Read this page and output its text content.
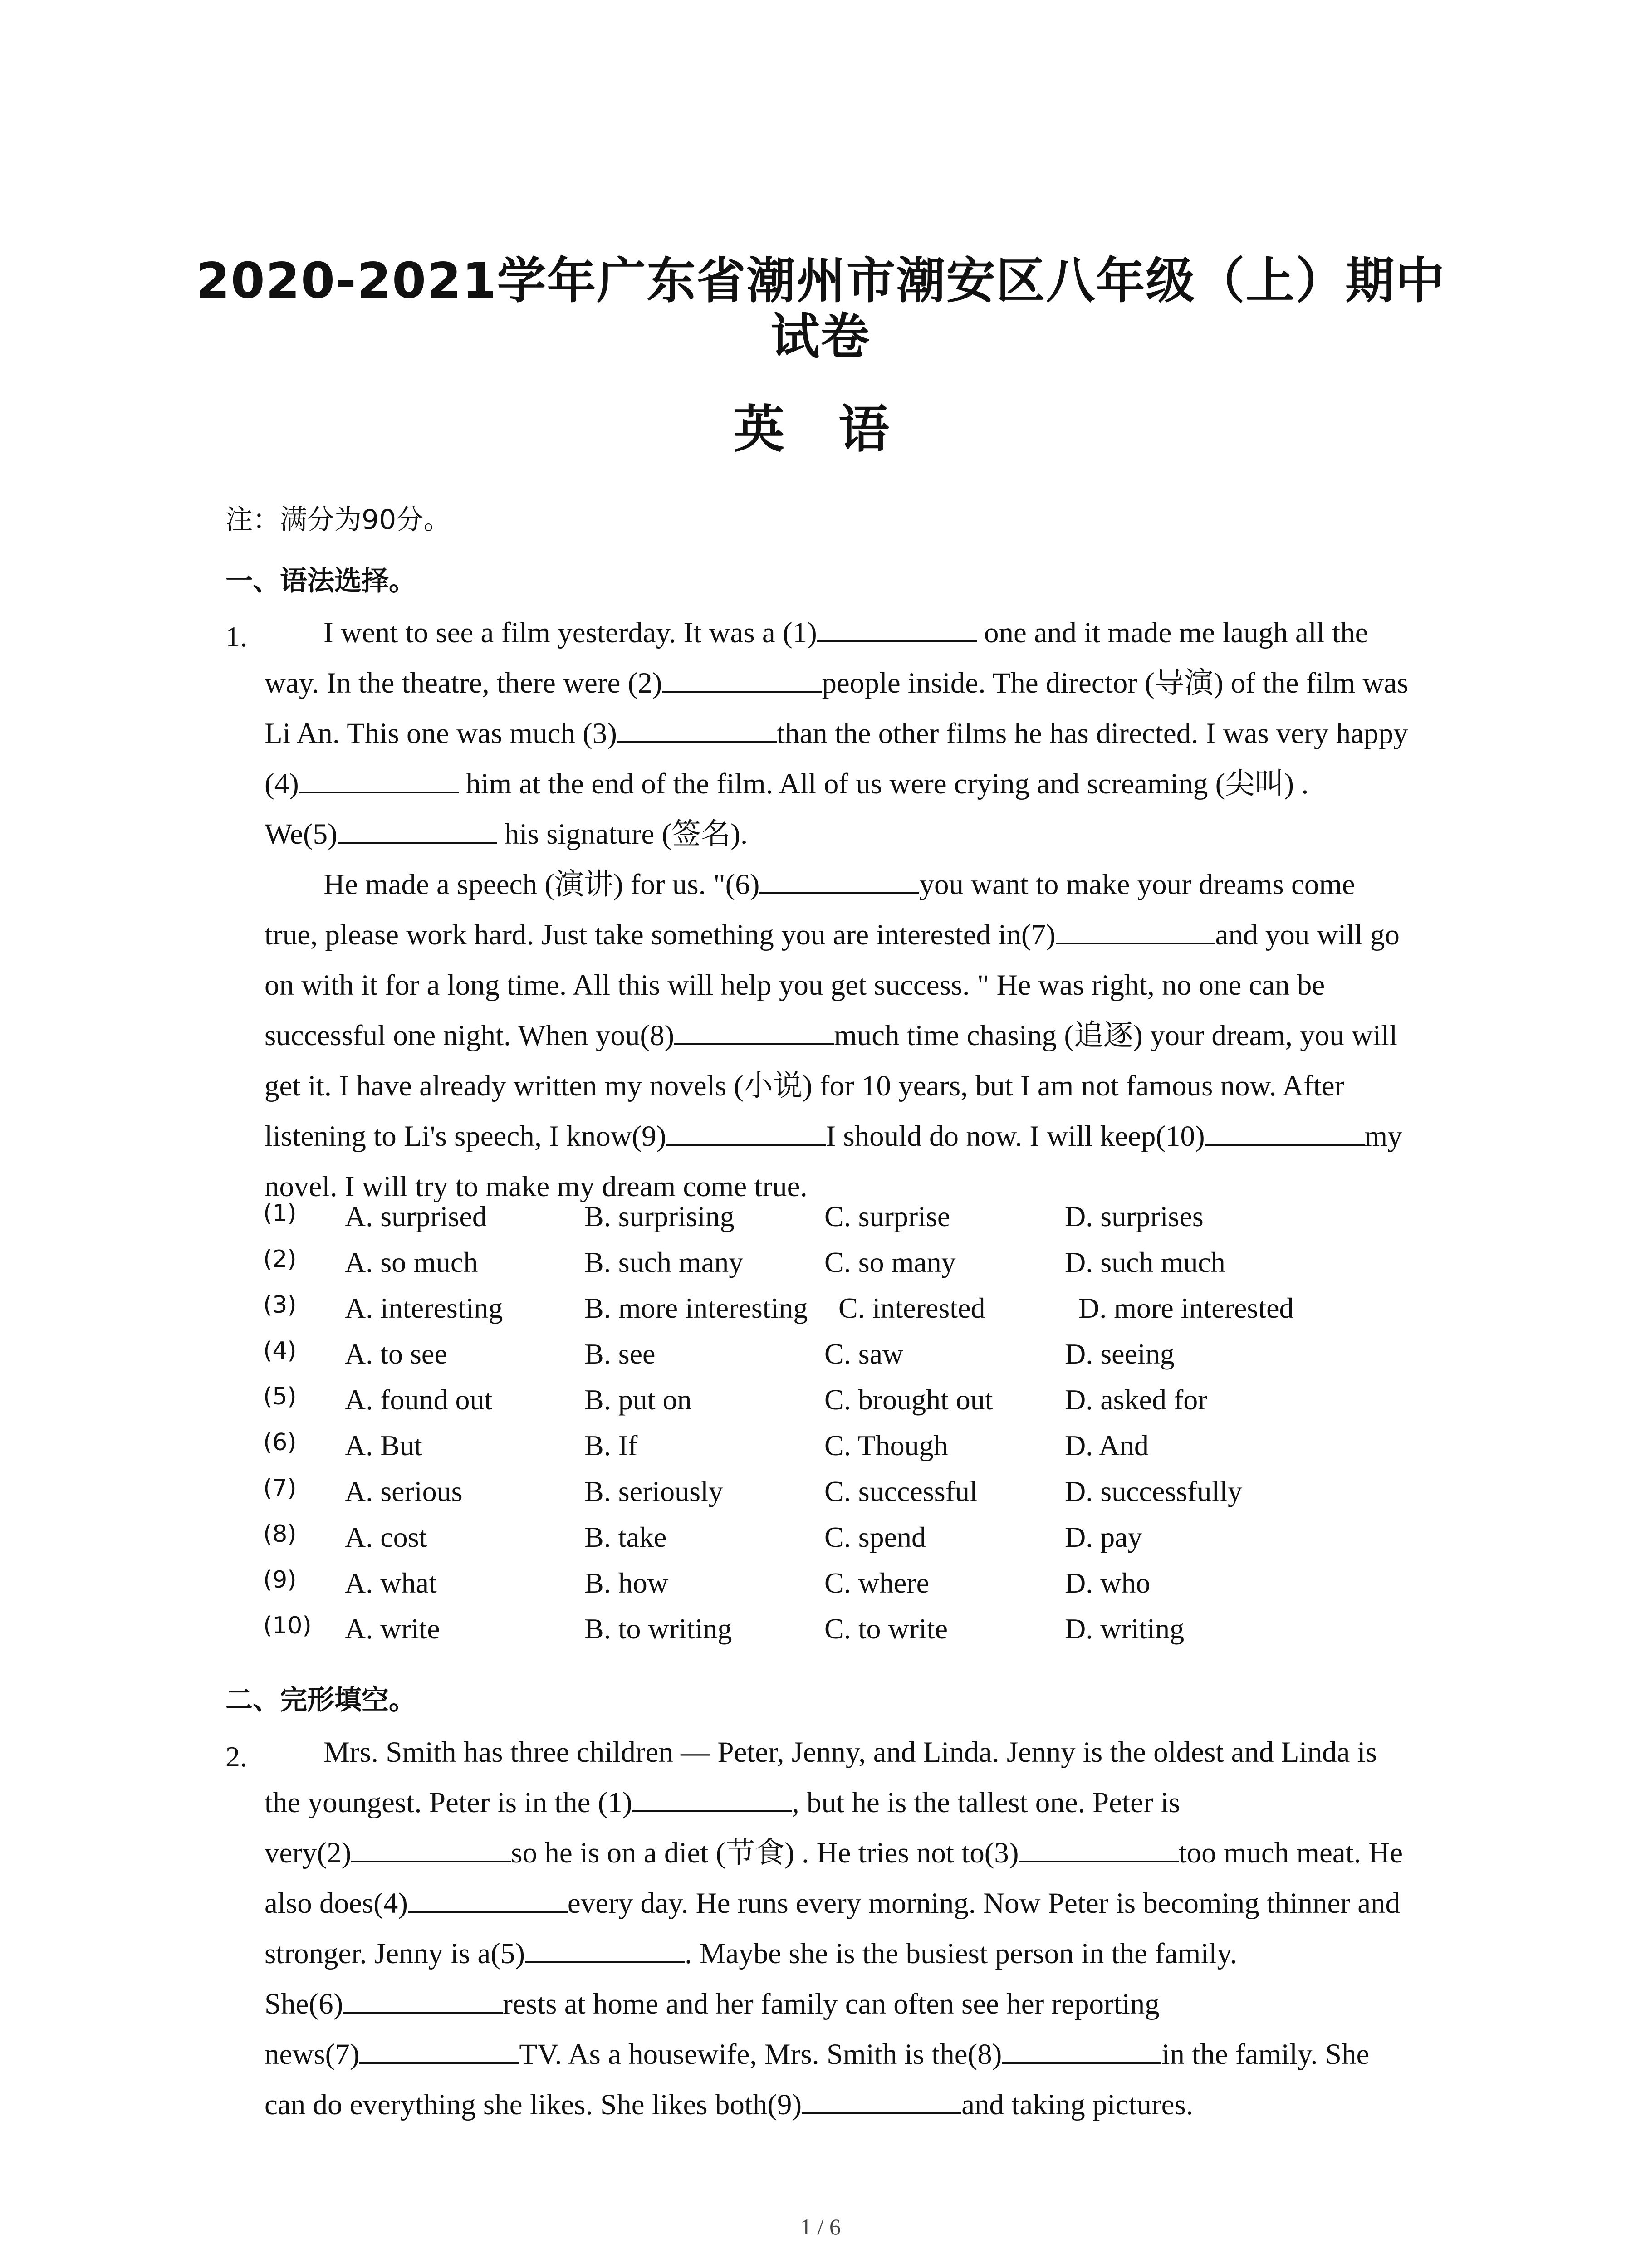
2020-2021学年广东省潮州市潮安区八年级（上）期中
试卷
英 语
注：满分为90分。
一、语法选择。
1.	I went to see a film yesterday. It was a (1)	one and it made me laugh all the

way. In the theatre, there were (2)	people inside. The director (导演) of the film was

Li An. This one was much (3)	than the other films he has directed. I was very happy

(4)	him at the end of the film. All of us were crying and screaming (尖叫) .

We(5)	his signature (签名).

He made a speech (演讲) for us. "(6)	you want to make your dreams come

true, please work hard. Just take something you are interested in(7)	and you will go

on with it for a long time. All this will help you get success. " He was right, no one can be

successful one night. When you(8)	much time chasing (追逐) your dream, you will

get it. I have already written my novels (小说) for 10 years, but I am not famous now. After

listening to Li's speech, I know(9)	I should do now. I will keep(10)	my

novel. I will try to make my dream come true.

(1) A. surprised	B. surprising	C. surprise	D. surprises
(2) A. so much	B. such many	C. so many	D. such much
(3) A. interesting	B. more interesting C. interested	D. more interested
(4) A. to see	B. see	C. saw	D. seeing
(5) A. found out	B. put on	C. brought out D. asked for
(6) A. But	B. If	C. Though	D. And
(7) A. serious	B. seriously	C. successful	D. successfully
(8) A. cost	B. take	C. spend	D. pay
(9) A. what	B. how	C. where	D. who
(10) A. write	B. to writing	C. to write	D. writing
二、完形填空。
2.	Mrs. Smith has three children — Peter, Jenny, and Linda. Jenny is the oldest and Linda is

the youngest. Peter is in the (1)	, but he is the tallest one. Peter is

very(2)	so he is on a diet (节食) . He tries not to(3)	too much meat. He

also does(4)	every day. He runs every morning. Now Peter is becoming thinner and

stronger. Jenny is a(5)	. Maybe she is the busiest person in the family.

She(6)	rests at home and her family can often see her reporting

news(7)	TV. As a housewife, Mrs. Smith is the(8)	in the family. She

can do everything she likes. She likes both(9)	and taking pictures.

1 / 6
